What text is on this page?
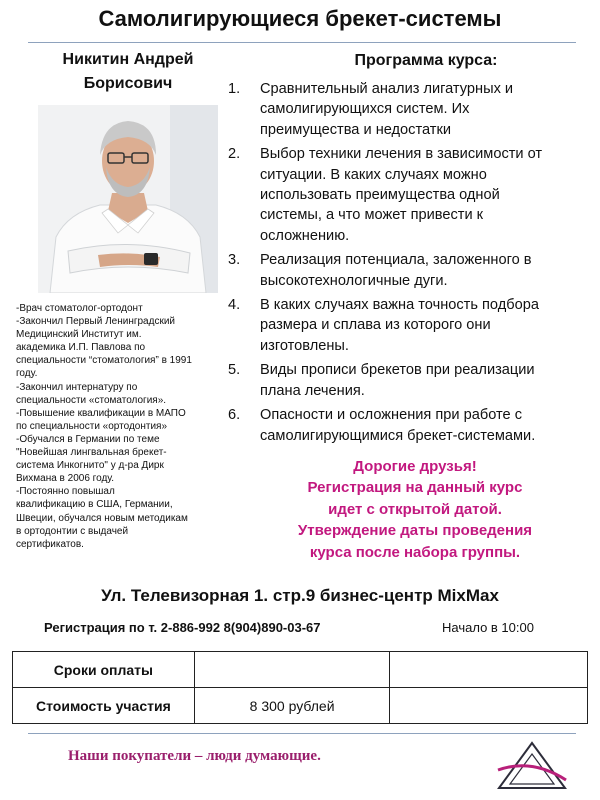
Самолигирующиеся брекет-системы
Никитин Андрей
Борисович
-Врач стоматолог-ортодонт
-Закончил Первый Ленинградский
Медицинский Институт им.
академика И.П. Павлова по
специальности “стоматология” в 1991
году.
-Закончил интернатуру по
специальности «стоматология».
-Повышение квалификации в МАПО
по специальности «ортодонтия»
-Обучался в Германии по теме
"Новейшая лингвальная брекет-
система Инкогнито" у д-ра Дирк
Вихмана в 2006 году.
-Постоянно повышал
квалификацию в США, Германии,
Швеции, обучался новым методикам
в ортодонтии с выдачей
сертификатов.
Программа курса:
1. Сравнительный анализ лигатурных и
самолигирующихся систем. Их
преимущества и недостатки
2. Выбор техники лечения в зависимости от
ситуации. В каких случаях можно
использовать преимущества одной
системы, а что может привести к
осложнению.
3. Реализация потенциала, заложенного в
высокотехнологичные дуги.
4. В каких случаях важна точность подбора
размера и сплава из которого они
изготовлены.
5. Виды прописи брекетов при реализации
плана лечения.
6. Опасности и осложнения при работе с
самолигирующимися брекет-системами.
Дорогие друзья!
Регистрация на данный курс
идет с открытой датой.
Утверждение даты проведения
курса после набора группы.
Ул. Телевизорная 1. стр.9 бизнес-центр MixMax
Регистрация по т. 2-886-992 8(904)890-03-67	Начало в 10:00
Сроки оплаты		
Стоимость участия	8 300 рублей	
Наши покупатели – люди думающие.
